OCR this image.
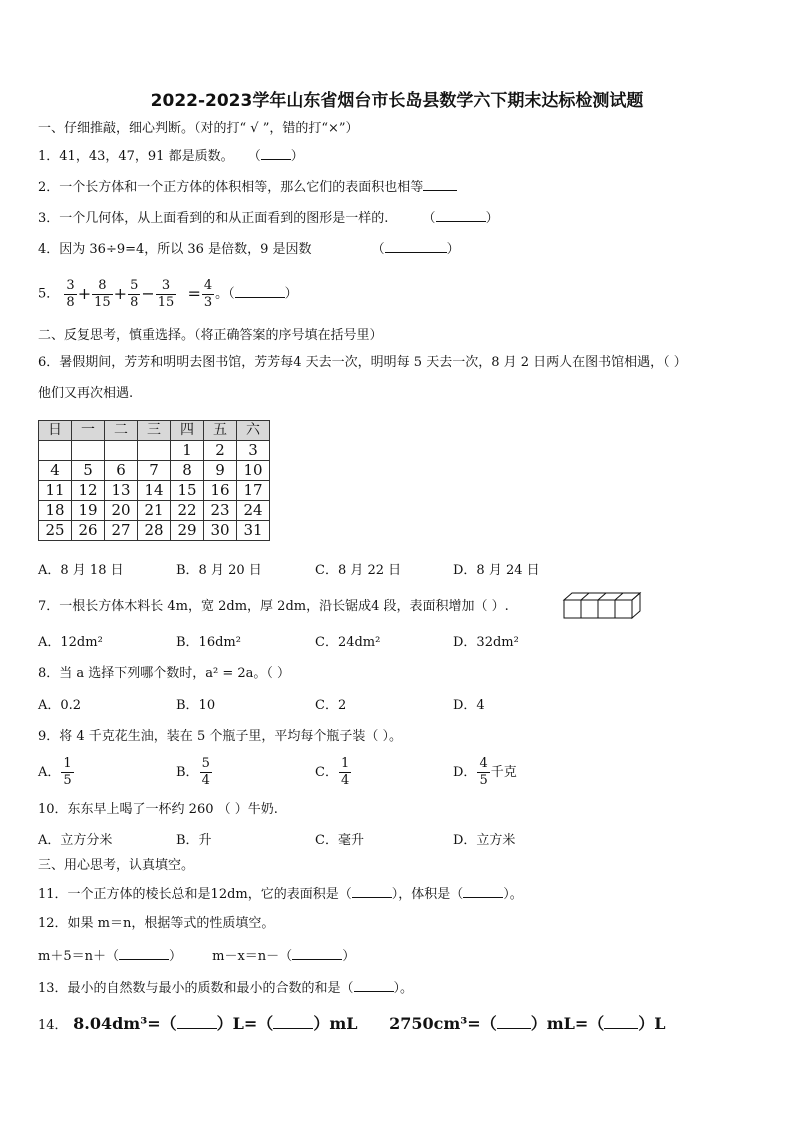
2022-2023学年山东省烟台市长岛县数学六下期末达标检测试题
一、仔细推敲，细心判断。（对的打“ √ ”，错的打“×”）
1．41，43，47，91 都是质数。 （ ）
2．一个长方体和一个正方体的体积相等，那么它们的表面积也相等
3．一个几何体，从上面看到的和从正面看到的图形是一样的.	（	）
4．因为 36÷9=4，所以 36 是倍数，9 是因数	（	）
5． $\frac{3}{8} + \frac{8}{15} + \frac{5}{8} - \frac{3}{15} = \frac{4}{3}$ 。（	）
二、反复思考，慎重选择。（将正确答案的序号填在括号里）
6．暑假期间，芳芳和明明去图书馆，芳芳每4 天去一次，明明每 5 天去一次，8 月 2 日两人在图书馆相遇，（ ）
他们又再次相遇.
日	一	二	三	四	五	六
				1	2	3
4	5	6	7	8	9	10
11	12	13	14	15	16	17
18	19	20	21	22	23	24
25	26	27	28	29	30	31
A．8 月 18 日	B．8 月 20 日	C．8 月 22 日	D．8 月 24 日
7．一根长方体木料长 4m，宽 2dm，厚 2dm，沿长锯成4 段，表面积增加（ ）.
A．12dm²	B．16dm²	C．24dm²	D．32dm²
8．当 a 选择下列哪个数时，a² = 2a。（ ）
A．0.2	B．10	C．2	D．4
9．将 4 千克花生油，装在 5 个瓶子里，平均每个瓶子装（ ）。
A． $\frac{1}{5}$	B． $\frac{5}{4}$	C． $\frac{1}{4}$	D． $\frac{4}{5}$ 千克
10．东东早上喝了一杯约 260 （ ）牛奶.
A．立方分米	B．升	C．毫升	D．立方米
三、用心思考，认真填空。
11．一个正方体的棱长总和是12dm，它的表面积是（	），体积是（	）。
12．如果 m＝n，根据等式的性质填空。
m＋5＝n＋（	） m－x＝n－（	）
13．最小的自然数与最小的质数和最小的合数的和是（	）。
14． 8.04dm³=（	）L=（	）mL 2750cm³=（ ）mL=（ ）L
